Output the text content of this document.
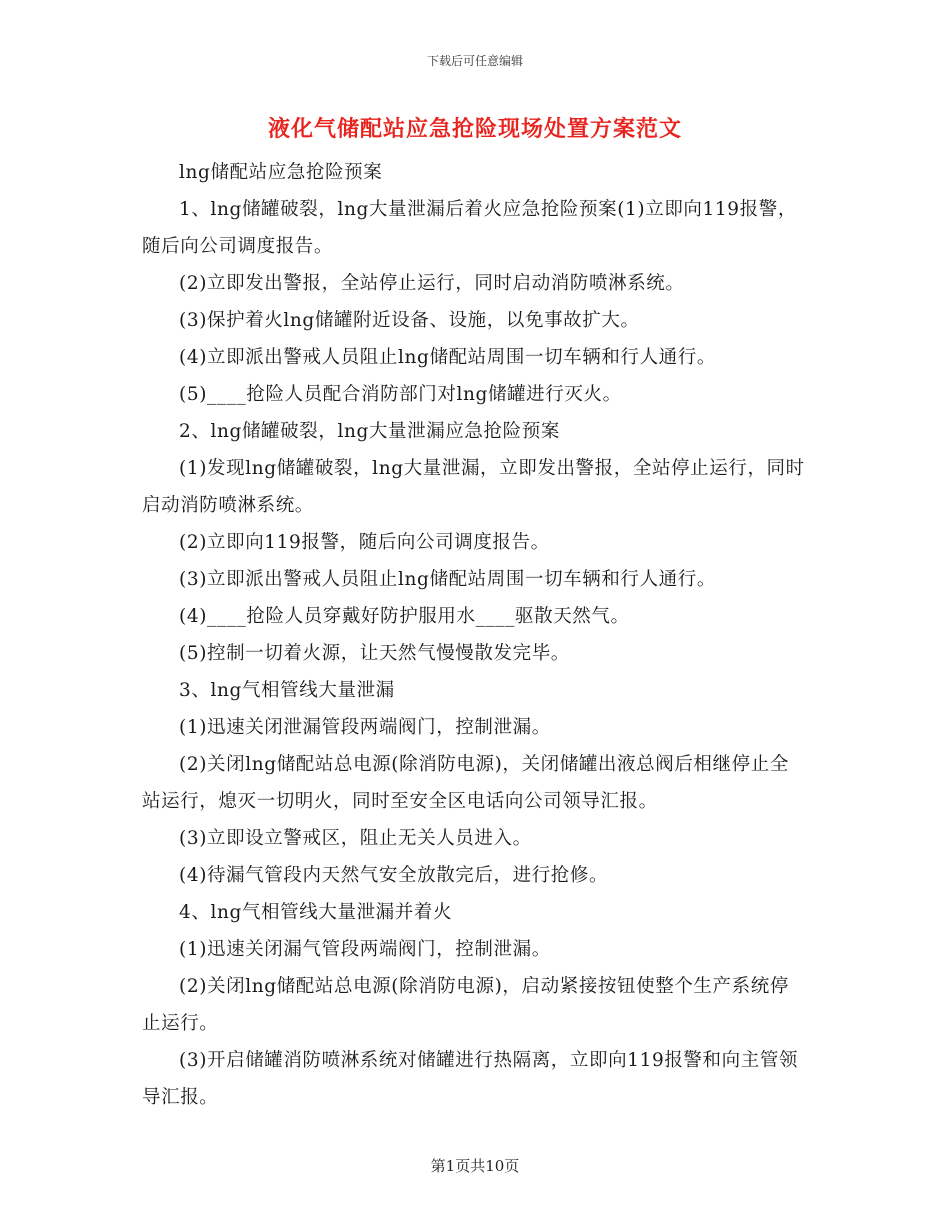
下载后可任意编辑
液化气储配站应急抢险现场处置方案范文

lng储配站应急抢险预案

1、lng储罐破裂，lng大量泄漏后着火应急抢险预案(1)立即向119报警，随后向公司调度报告。

(2)立即发出警报，全站停止运行，同时启动消防喷淋系统。

(3)保护着火lng储罐附近设备、设施，以免事故扩大。

(4)立即派出警戒人员阻止lng储配站周围一切车辆和行人通行。

(5)____抢险人员配合消防部门对lng储罐进行灭火。

2、lng储罐破裂，lng大量泄漏应急抢险预案

(1)发现lng储罐破裂，lng大量泄漏，立即发出警报，全站停止运行，同时启动消防喷淋系统。

(2)立即向119报警，随后向公司调度报告。

(3)立即派出警戒人员阻止lng储配站周围一切车辆和行人通行。

(4)____抢险人员穿戴好防护服用水____驱散天然气。

(5)控制一切着火源，让天然气慢慢散发完毕。

3、lng气相管线大量泄漏

(1)迅速关闭泄漏管段两端阀门，控制泄漏。

(2)关闭lng储配站总电源(除消防电源)，关闭储罐出液总阀后相继停止全站运行，熄灭一切明火，同时至安全区电话向公司领导汇报。

(3)立即设立警戒区，阻止无关人员进入。

(4)待漏气管段内天然气安全放散完后，进行抢修。

4、lng气相管线大量泄漏并着火

(1)迅速关闭漏气管段两端阀门，控制泄漏。

(2)关闭lng储配站总电源(除消防电源)，启动紧接按钮使整个生产系统停止运行。

(3)开启储罐消防喷淋系统对储罐进行热隔离，立即向119报警和向主管领导汇报。

第1页共10页
